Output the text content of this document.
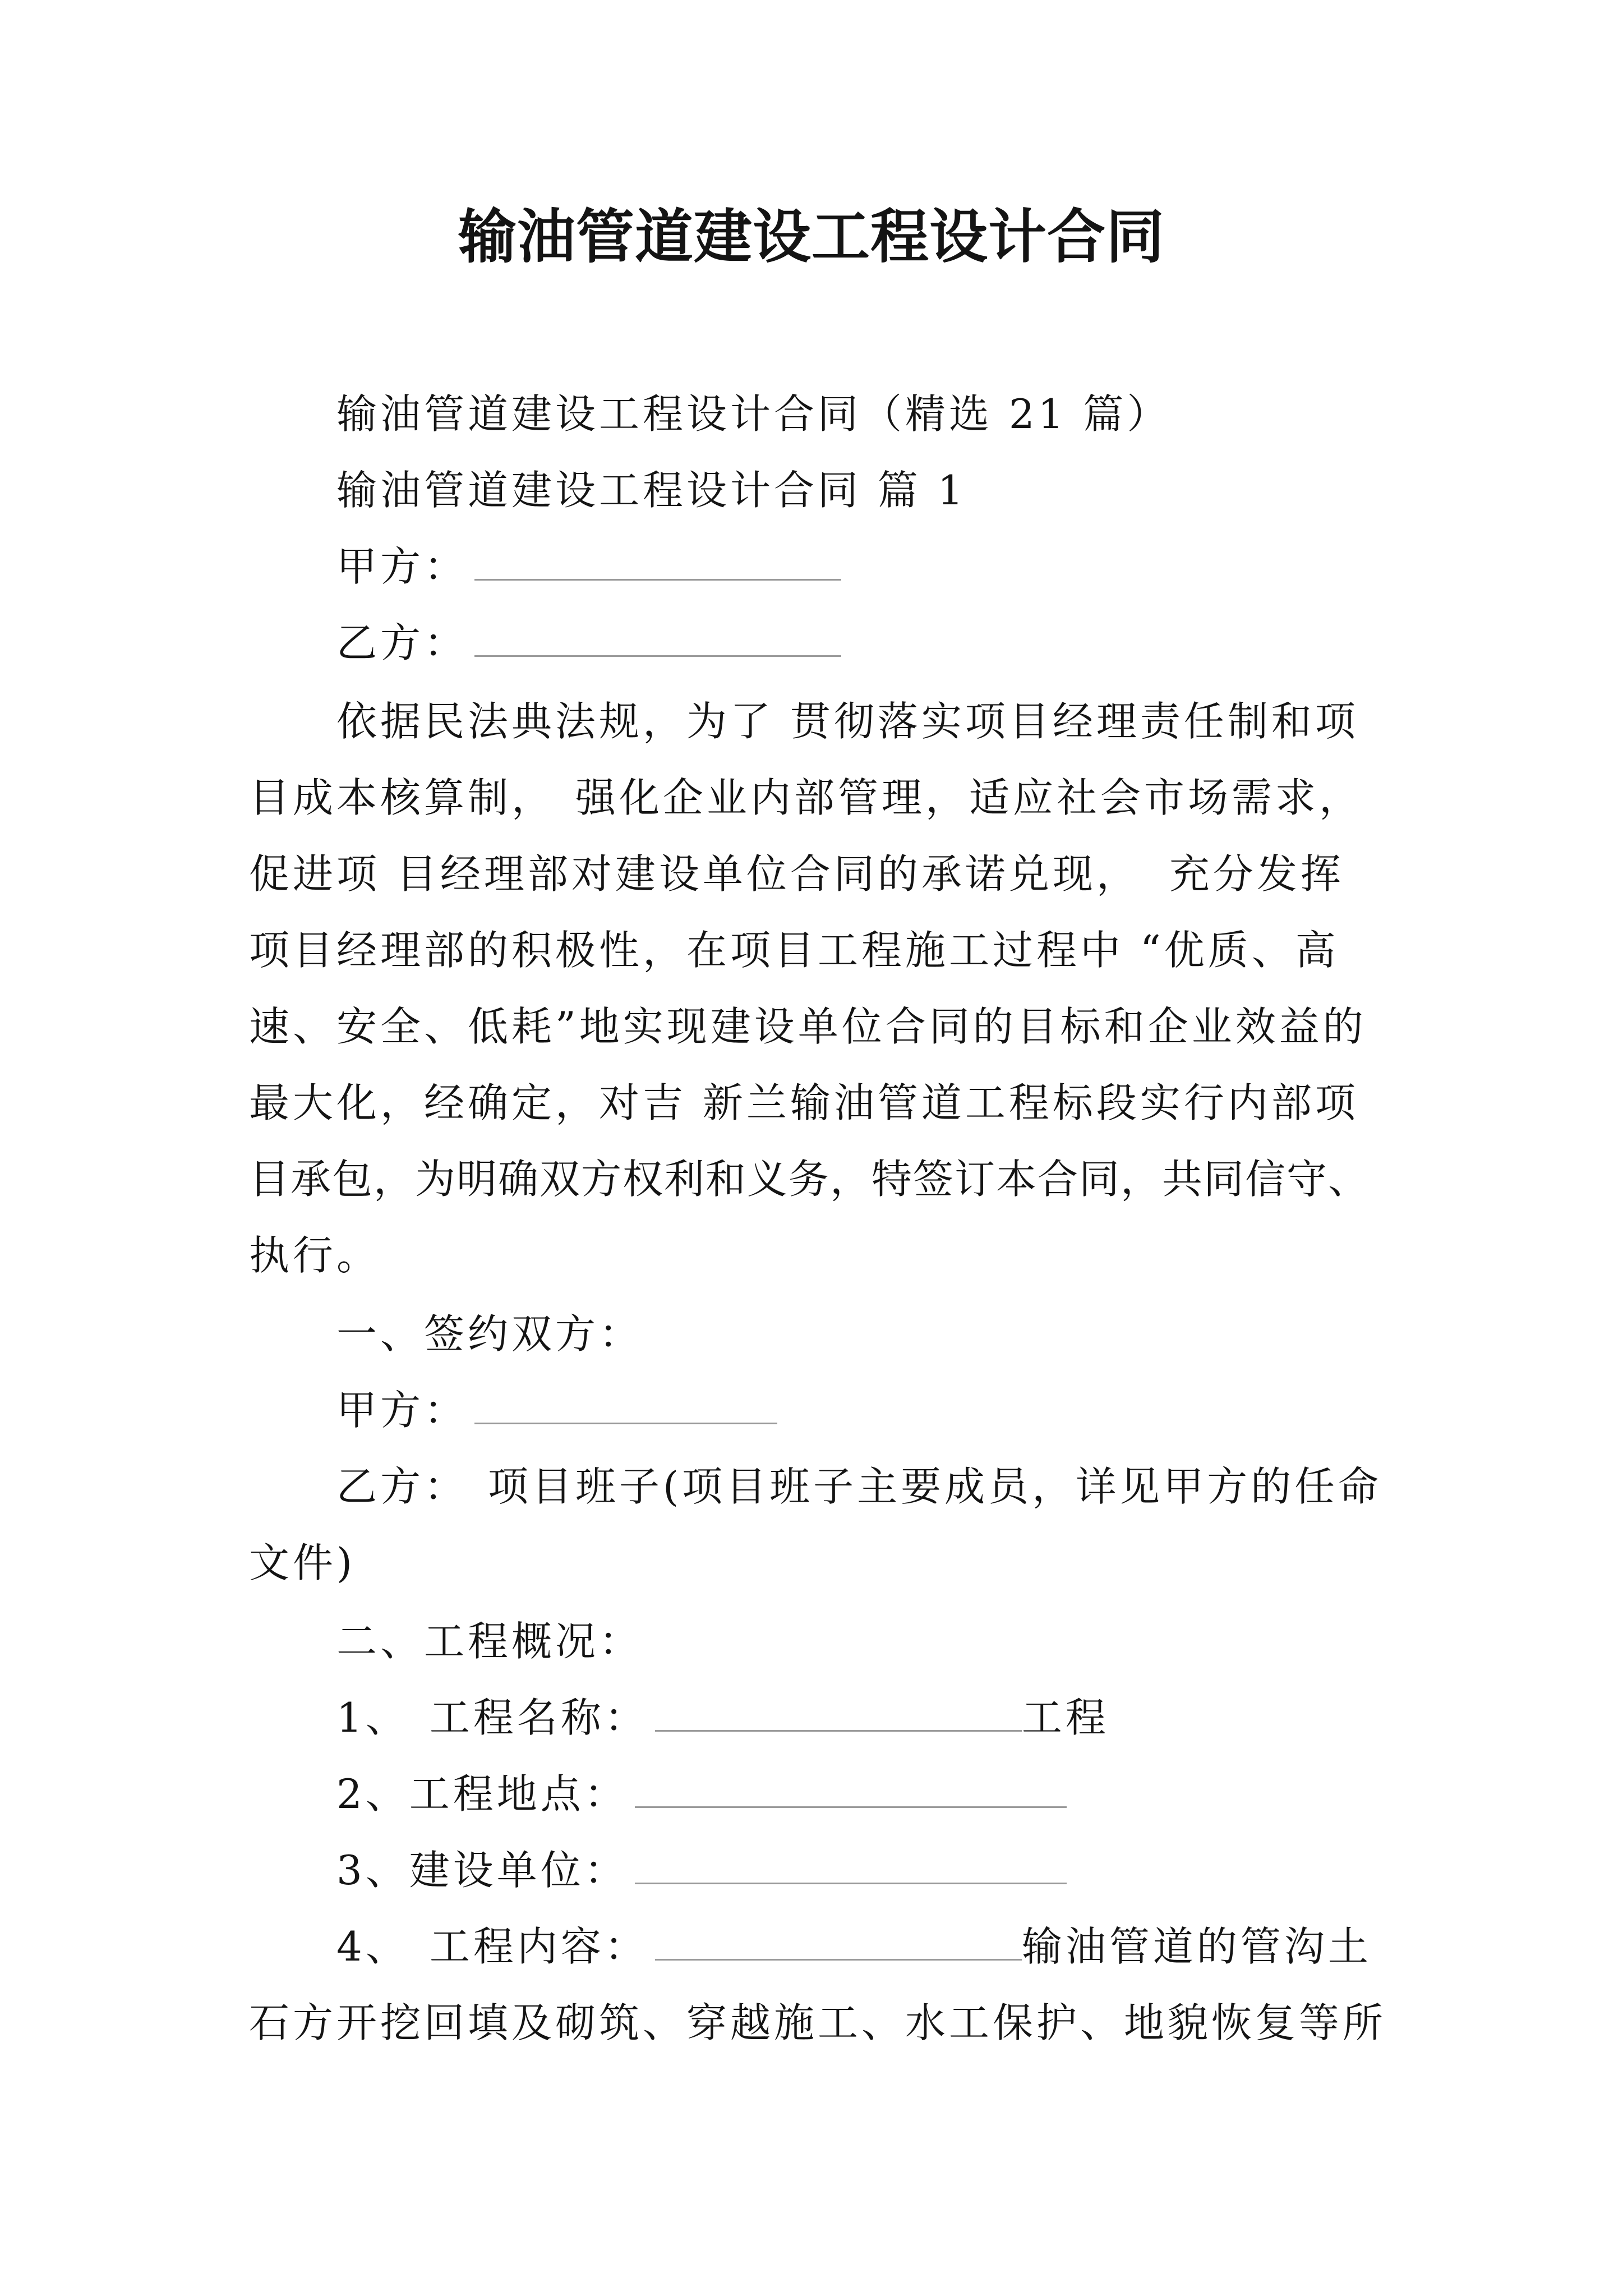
输油管道建设工程设计合同
输油管道建设工程设计合同（精选 21 篇）
输油管道建设工程设计合同 篇 1
甲方：
乙方：
依据民法典法规，为了 贯彻落实项目经理责任制和项
目成本核算制， 强化企业内部管理，适应社会市场需求，
促进项 目经理部对建设单位合同的承诺兑现， 充分发挥
项目经理部的积极性，在项目工程施工过程中 “优质、高
速、安全、低耗”地实现建设单位合同的目标和企业效益的
最大化，经确定，对吉 新兰输油管道工程标段实行内部项
目承包，为明确双方权利和义务，特签订本合同，共同信守、
执行。
一、签约双方：
甲方：
乙方： 项目班子(项目班子主要成员，详见甲方的任命
文件)
二、工程概况：
1、 工程名称：	工程
2、工程地点：
3、建设单位：
4、 工程内容：	输油管道的管沟土
石方开挖回填及砌筑、穿越施工、水工保护、地貌恢复等所
